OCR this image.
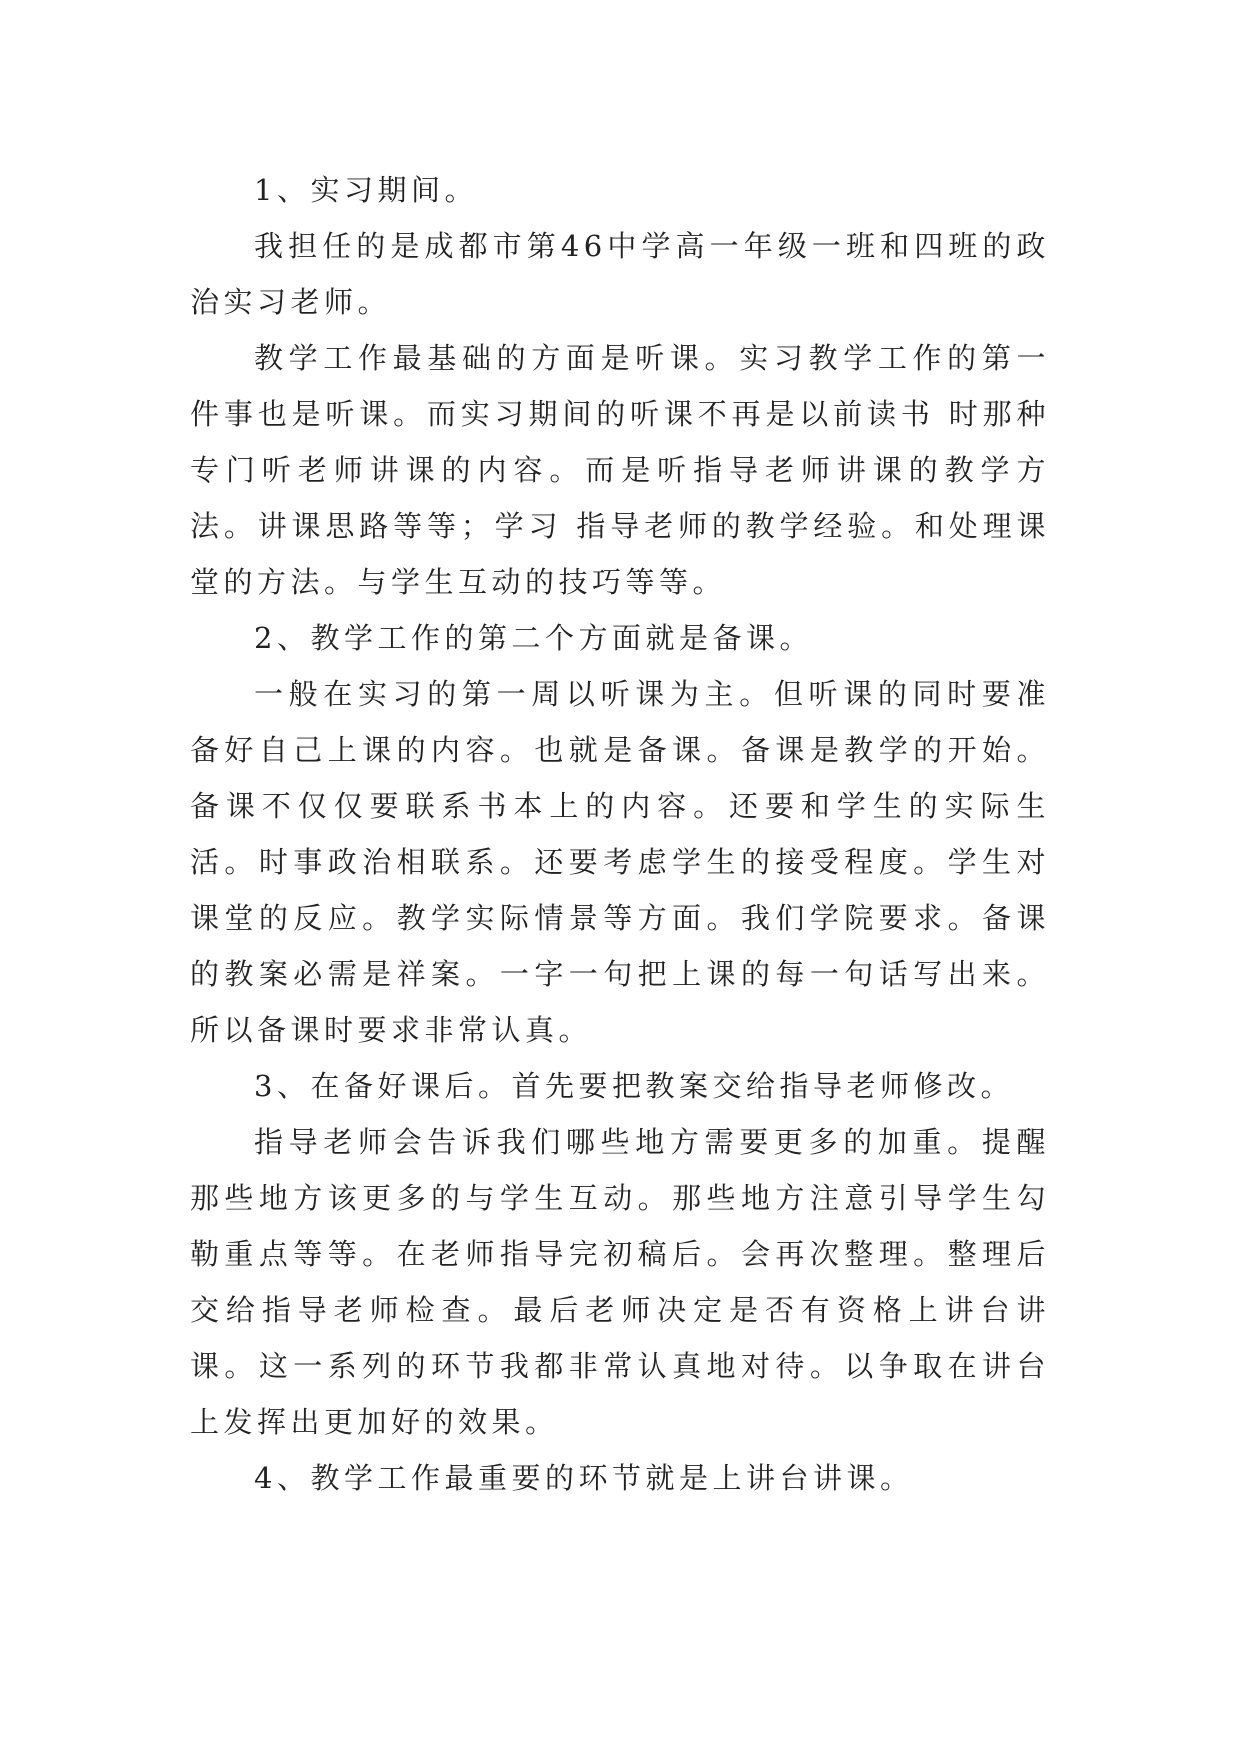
1、实习期间。

我担任的是成都市第46中学高一年级一班和四班的政治实习老师。

教学工作最基础的方面是听课。实习教学工作的第一件事也是听课。而实习期间的听课不再是以前读书 时那种专门听老师讲课的内容。而是听指导老师讲课的教学方法。讲课思路等等；学习 指导老师的教学经验。和处理课堂的方法。与学生互动的技巧等等。

2、教学工作的第二个方面就是备课。

一般在实习的第一周以听课为主。但听课的同时要准备好自己上课的内容。也就是备课。备课是教学的开始。备课不仅仅要联系书本上的内容。还要和学生的实际生活。时事政治相联系。还要考虑学生的接受程度。学生对课堂的反应。教学实际情景等方面。我们学院要求。备课的教案必需是祥案。一字一句把上课的每一句话写出来。所以备课时要求非常认真。

3、在备好课后。首先要把教案交给指导老师修改。

指导老师会告诉我们哪些地方需要更多的加重。提醒那些地方该更多的与学生互动。那些地方注意引导学生勾勒重点等等。在老师指导完初稿后。会再次整理。整理后交给指导老师检查。最后老师决定是否有资格上讲台讲课。这一系列的环节我都非常认真地对待。以争取在讲台上发挥出更加好的效果。

4、教学工作最重要的环节就是上讲台讲课。
